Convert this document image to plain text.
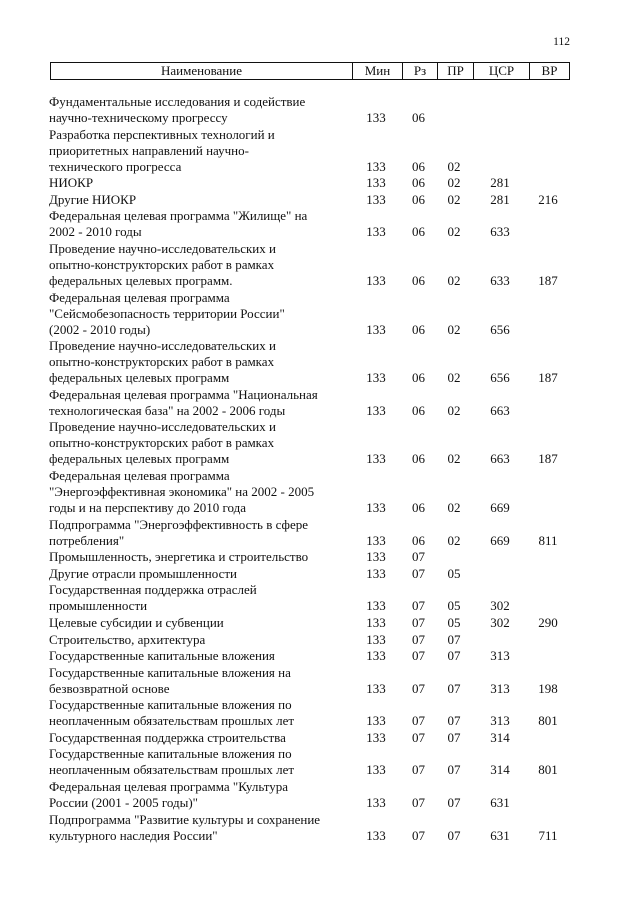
112
Наименование	Мин	Рз	ПР	ЦСР	ВР
Фундаментальные исследования и содействие
научно-техническому прогрессу	133	06
Разработка перспективных технологий и
приоритетных направлений научно-
технического прогресса	133	06	02
НИОКР	133	06	02	281
Другие НИОКР	133	06	02	281	216
Федеральная целевая программа "Жилище" на
2002 - 2010 годы	133	06	02	633
Проведение научно-исследовательских и
опытно-конструкторских работ в рамках
федеральных целевых программ.	133	06	02	633	187
Федеральная целевая программа
"Сейсмобезопасность территории России"
(2002 - 2010 годы)	133	06	02	656
Проведение научно-исследовательских и
опытно-конструкторских работ в рамках
федеральных целевых программ	133	06	02	656	187
Федеральная целевая программа "Национальная
технологическая база" на 2002 - 2006 годы	133	06	02	663
Проведение научно-исследовательских и
опытно-конструкторских работ в рамках
федеральных целевых программ	133	06	02	663	187
Федеральная целевая программа
"Энергоэффективная экономика" на 2002 - 2005
годы и на перспективу до 2010 года	133	06	02	669
Подпрограмма "Энергоэффективность в сфере
потребления"	133	06	02	669	811
Промышленность, энергетика и строительство	133	07
Другие отрасли промышленности	133	07	05
Государственная поддержка отраслей
промышленности	133	07	05	302
Целевые субсидии и субвенции	133	07	05	302	290
Строительство, архитектура	133	07	07
Государственные капитальные вложения	133	07	07	313
Государственные капитальные вложения на
безвозвратной основе	133	07	07	313	198
Государственные капитальные вложения по
неоплаченным обязательствам прошлых лет	133	07	07	313	801
Государственная поддержка строительства	133	07	07	314
Государственные капитальные вложения по
неоплаченным обязательствам прошлых лет	133	07	07	314	801
Федеральная целевая программа "Культура
России (2001 - 2005 годы)"	133	07	07	631
Подпрограмма "Развитие культуры и сохранение
культурного наследия России"	133	07	07	631	711
